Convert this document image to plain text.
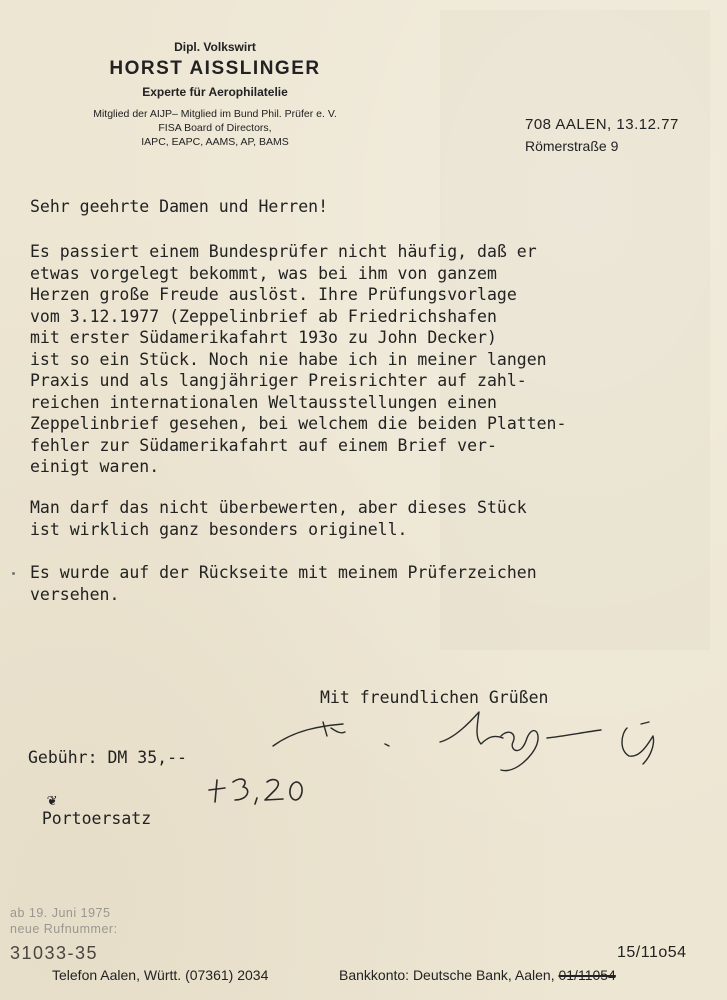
Dipl. Volkswirt

HORST AISSLINGER

Experte für Aerophilatelie

Mitglied der AIJP– Mitglied im Bund Phil. Prüfer e. V.

FISA Board of Directors,

IAPC, EAPC, AAMS, AP, BAMS

708 AALEN, 13.12.77
Römerstraße 9

Sehr geehrte Damen und Herren!

Es passiert einem Bundesprüfer nicht häufig, daß er
etwas vorgelegt bekommt, was bei ihm von ganzem
Herzen große Freude auslöst. Ihre Prüfungsvorlage
vom 3.12.1977 (Zeppelinbrief ab Friedrichshafen
mit erster Südamerikafahrt 193o zu John Decker)
ist so ein Stück. Noch nie habe ich in meiner langen
Praxis und als langjähriger Preisrichter auf zahl-
reichen internationalen Weltausstellungen einen
Zeppelinbrief gesehen, bei welchem die beiden Platten-
fehler zur Südamerikafahrt auf einem Brief ver-
einigt waren.

Man darf das nicht überbewerten, aber dieses Stück
ist wirklich ganz besonders originell.

Es wurde auf der Rückseite mit meinem Prüferzeichen
versehen.

Mit freundlichen Grüßen
Gebühr: DM 35,--

❦
Portoersatz

ab 19. Juni 1975

neue Rufnummer:

31033-35	15/11o54
Telefon Aalen, Württ. (07361) 2034	Bankkonto: Deutsche Bank, Aalen, 01/11054
